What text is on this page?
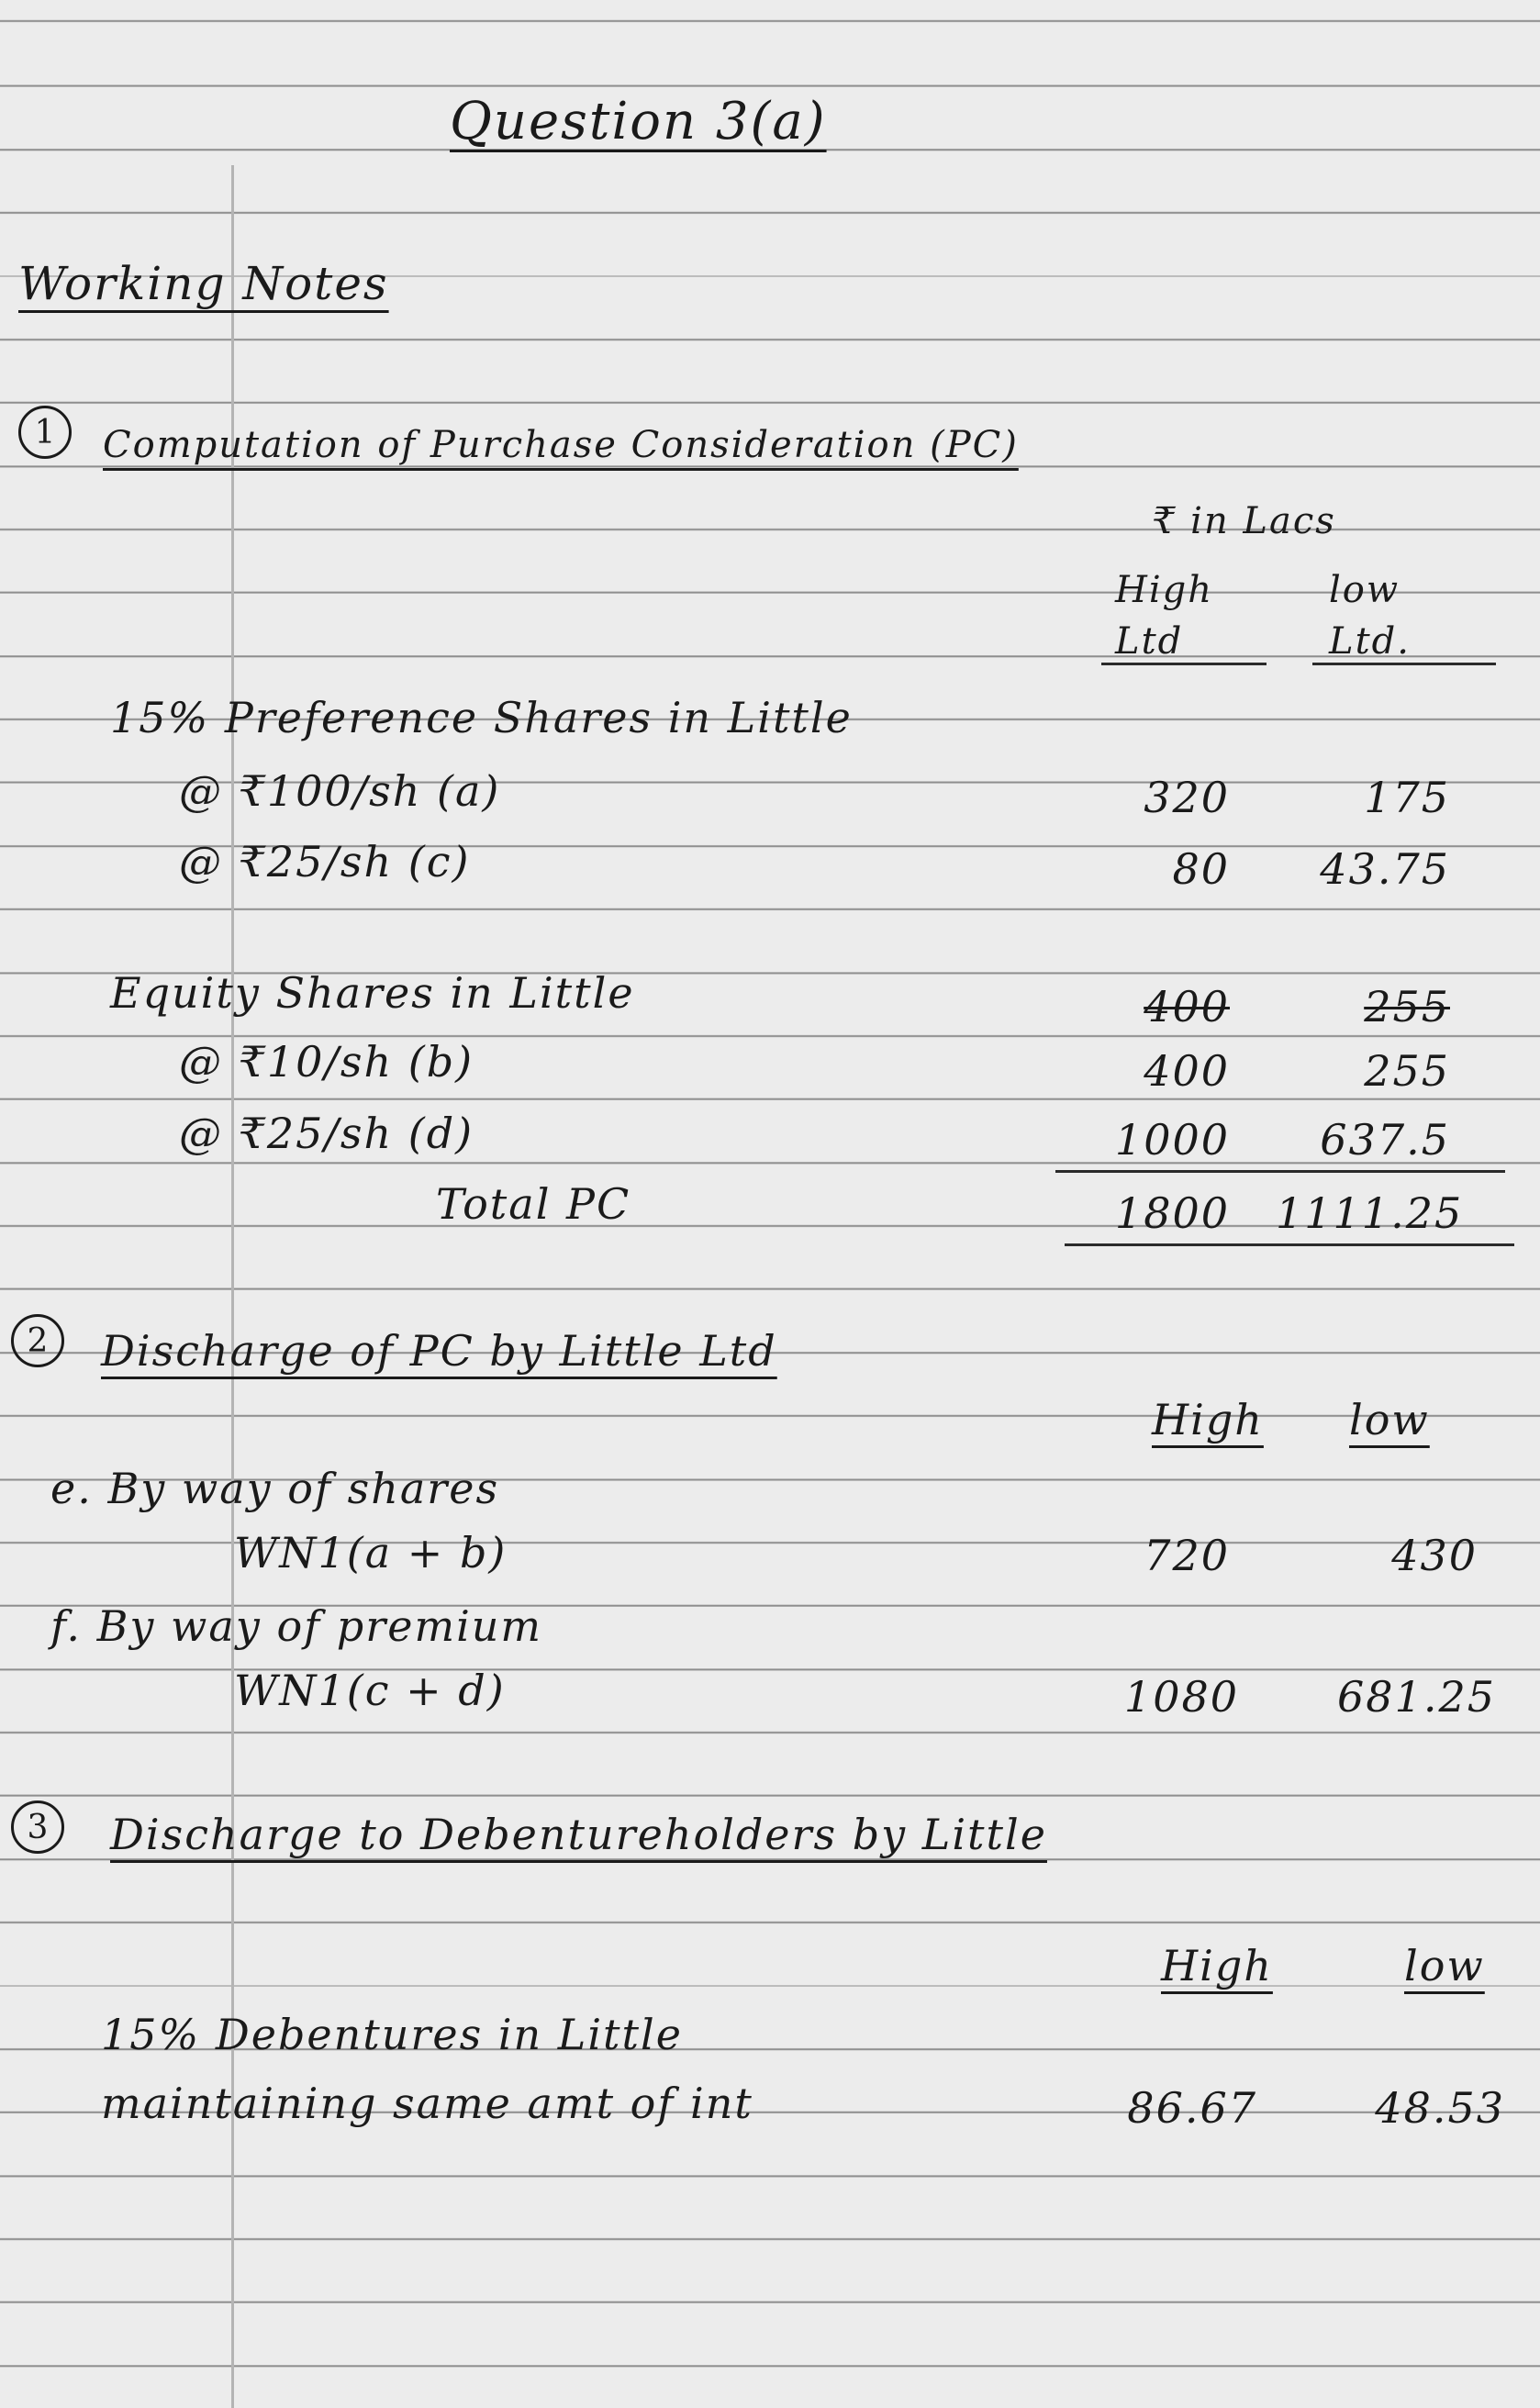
Question 3(a)
Working Notes
1	Computation of Purchase Consideration (PC)
₹ in Lacs
High Ltd
low Ltd.
15% Preference Shares in Little
@ ₹100/sh (a)	320	175
@ ₹25/sh (c)	80	43.75
Equity Shares in Little	400	255
@ ₹10/sh (b)	400	255
@ ₹25/sh (d)	1000	637.5
Total PC	1800 1111.25
2	Discharge of PC by Little Ltd
High low
e. By way of shares
WN1(a + b)	720	430
f. By way of premium
WN1(c + d)	1080	681.25
3	Discharge to Debentureholders by Little
High	low
15% Debentures in Little
maintaining same amt of int	86.67	48.53
